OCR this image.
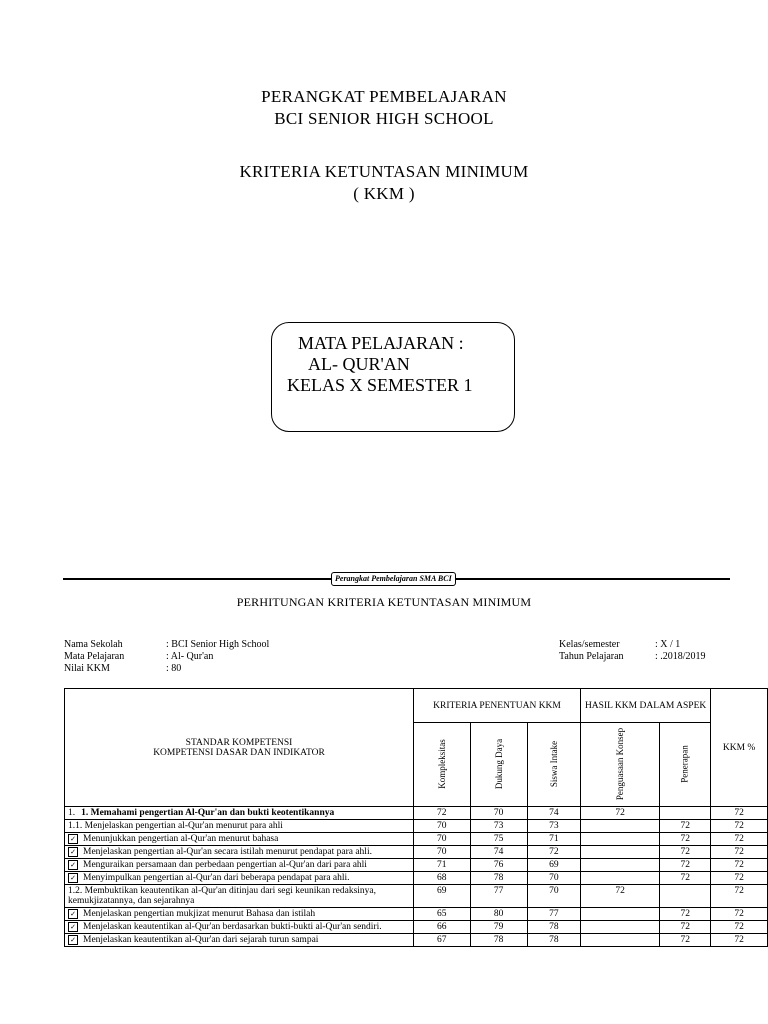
PERANGKAT PEMBELAJARAN
BCI SENIOR HIGH SCHOOL
KRITERIA KETUNTASAN MINIMUM
( KKM )
MATA PELAJARAN :
AL- QUR'AN
KELAS X SEMESTER 1
Perangkat Pembelajaran SMA BCI
PERHITUNGAN KRITERIA KETUNTASAN MINIMUM
Nama Sekolah	: BCI Senior High School
Mata Pelajaran	: Al- Qur'an
Nilai KKM	: 80
Kelas/semester	: X / 1
Tahun Pelajaran	: .2018/2019
STANDAR KOMPETENSI
KOMPETENSI DASAR DAN INDIKATOR	KRITERIA PENENTUAN KKM			HASIL KKM DALAM ASPEK		KKM %
	Kompleksitas	Dukung Daya	Siswa Intake	Penguasaan Konsep	Penerapan	
1. 1. Memahami pengertian Al-Qur'an dan bukti keotentikannya	72	70	74	72		72
1.1. Menjelaskan pengertian al-Qur'an menurut para ahli	70	73	73		72	72
✓ Menunjukkan pengertian al-Qur'an menurut bahasa	70	75	71		72	72
✓ Menjelaskan pengertian al-Qur'an secara istilah menurut pendapat para ahli.	70	74	72		72	72
✓ Menguraikan persamaan dan perbedaan pengertian al-Qur'an dari para ahli	71	76	69		72	72
✓ Menyimpulkan pengertian al-Qur'an dari beberapa pendapat para ahli.	68	78	70		72	72
1.2. Membuktikan keautentikan al-Qur'an ditinjau dari segi keunikan redaksinya, kemukjizatannya, dan sejarahnya	69	77	70	72		72
✓ Menjelaskan pengertian mukjizat menurut Bahasa dan istilah	65	80	77		72	72
✓ Menjelaskan keautentikan al-Qur'an berdasarkan bukti-bukti al-Qur'an sendiri.	66	79	78		72	72
✓ Menjelaskan keautentikan al-Qur'an dari sejarah turun sampai	67	78	78		72	72
